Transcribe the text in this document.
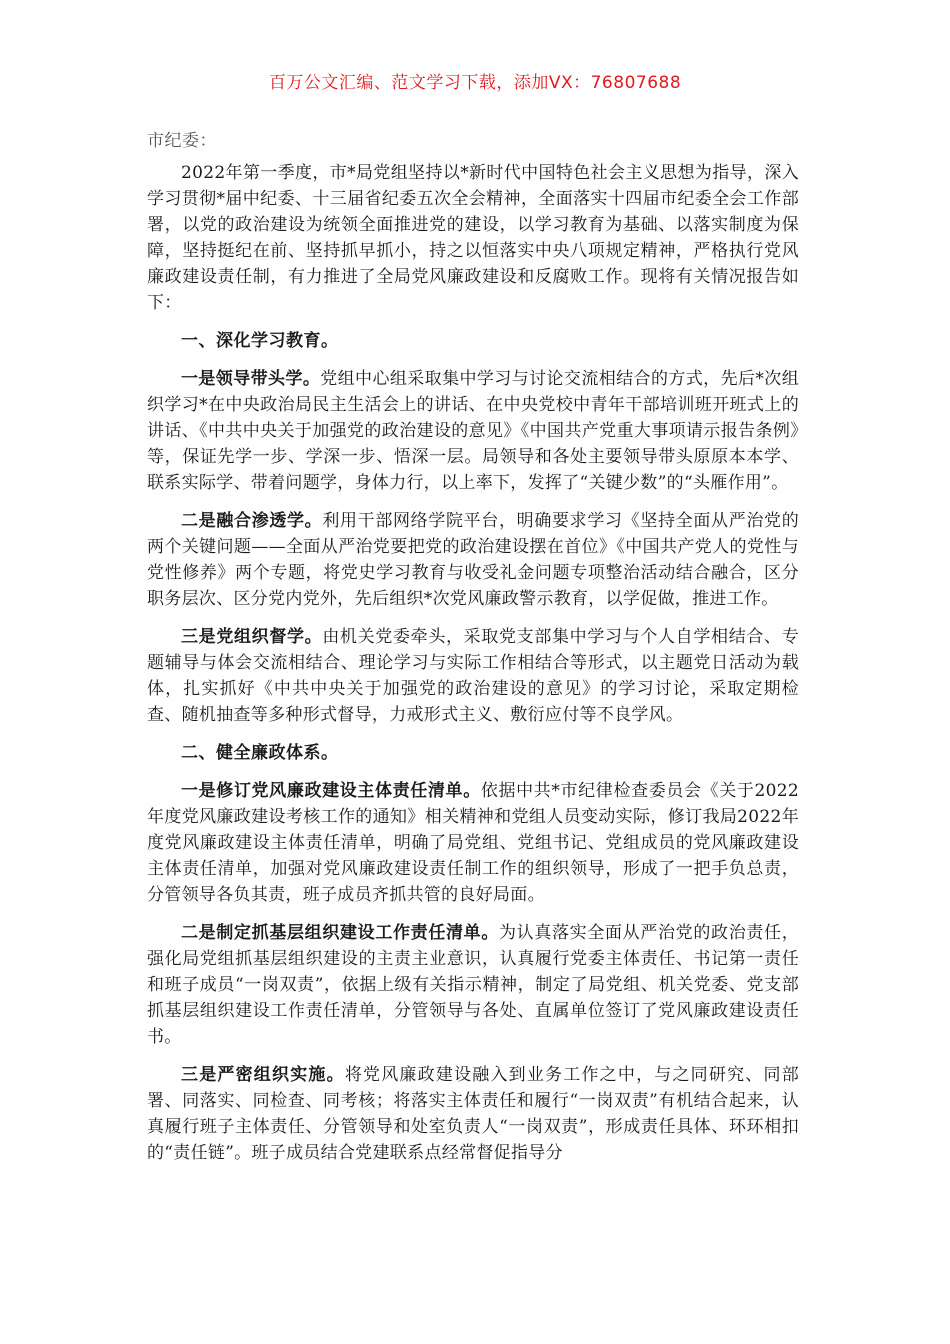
百万公文汇编、范文学习下载，添加VX：76807688

市纪委：

2022年第一季度，市*局党组坚持以*新时代中国特色社会主义思想为指导，深入学习贯彻*届中纪委、十三届省纪委五次全会精神，全面落实十四届市纪委全会工作部署，以党的政治建设为统领全面推进党的建设，以学习教育为基础、以落实制度为保障，坚持挺纪在前、坚持抓早抓小，持之以恒落实中央八项规定精神，严格执行党风廉政建设责任制，有力推进了全局党风廉政建设和反腐败工作。现将有关情况报告如下：

一、深化学习教育。

一是领导带头学。党组中心组采取集中学习与讨论交流相结合的方式，先后*次组织学习*在中央政治局民主生活会上的讲话、在中央党校中青年干部培训班开班式上的讲话、《中共中央关于加强党的政治建设的意见》《中国共产党重大事项请示报告条例》等，保证先学一步、学深一步、悟深一层。局领导和各处主要领导带头原原本本学、联系实际学、带着问题学，身体力行，以上率下，发挥了“关键少数”的“头雁作用”。

二是融合渗透学。利用干部网络学院平台，明确要求学习《坚持全面从严治党的两个关键问题——全面从严治党要把党的政治建设摆在首位》《中国共产党人的党性与党性修养》两个专题，将党史学习教育与收受礼金问题专项整治活动结合融合，区分职务层次、区分党内党外，先后组织*次党风廉政警示教育，以学促做，推进工作。

三是党组织督学。由机关党委牵头，采取党支部集中学习与个人自学相结合、专题辅导与体会交流相结合、理论学习与实际工作相结合等形式，以主题党日活动为载体，扎实抓好《中共中央关于加强党的政治建设的意见》的学习讨论，采取定期检查、随机抽查等多种形式督导，力戒形式主义、敷衍应付等不良学风。

二、健全廉政体系。

一是修订党风廉政建设主体责任清单。依据中共*市纪律检查委员会《关于2022年度党风廉政建设考核工作的通知》相关精神和党组人员变动实际，修订我局2022年度党风廉政建设主体责任清单，明确了局党组、党组书记、党组成员的党风廉政建设主体责任清单，加强对党风廉政建设责任制工作的组织领导，形成了一把手负总责，分管领导各负其责，班子成员齐抓共管的良好局面。

二是制定抓基层组织建设工作责任清单。为认真落实全面从严治党的政治责任，强化局党组抓基层组织建设的主责主业意识，认真履行党委主体责任、书记第一责任和班子成员“一岗双责”，依据上级有关指示精神，制定了局党组、机关党委、党支部抓基层组织建设工作责任清单，分管领导与各处、直属单位签订了党风廉政建设责任书。

三是严密组织实施。将党风廉政建设融入到业务工作之中，与之同研究、同部署、同落实、同检查、同考核；将落实主体责任和履行“一岗双责”有机结合起来，认真履行班子主体责任、分管领导和处室负责人“一岗双责”，形成责任具体、环环相扣的“责任链”。班子成员结合党建联系点经常督促指导分
